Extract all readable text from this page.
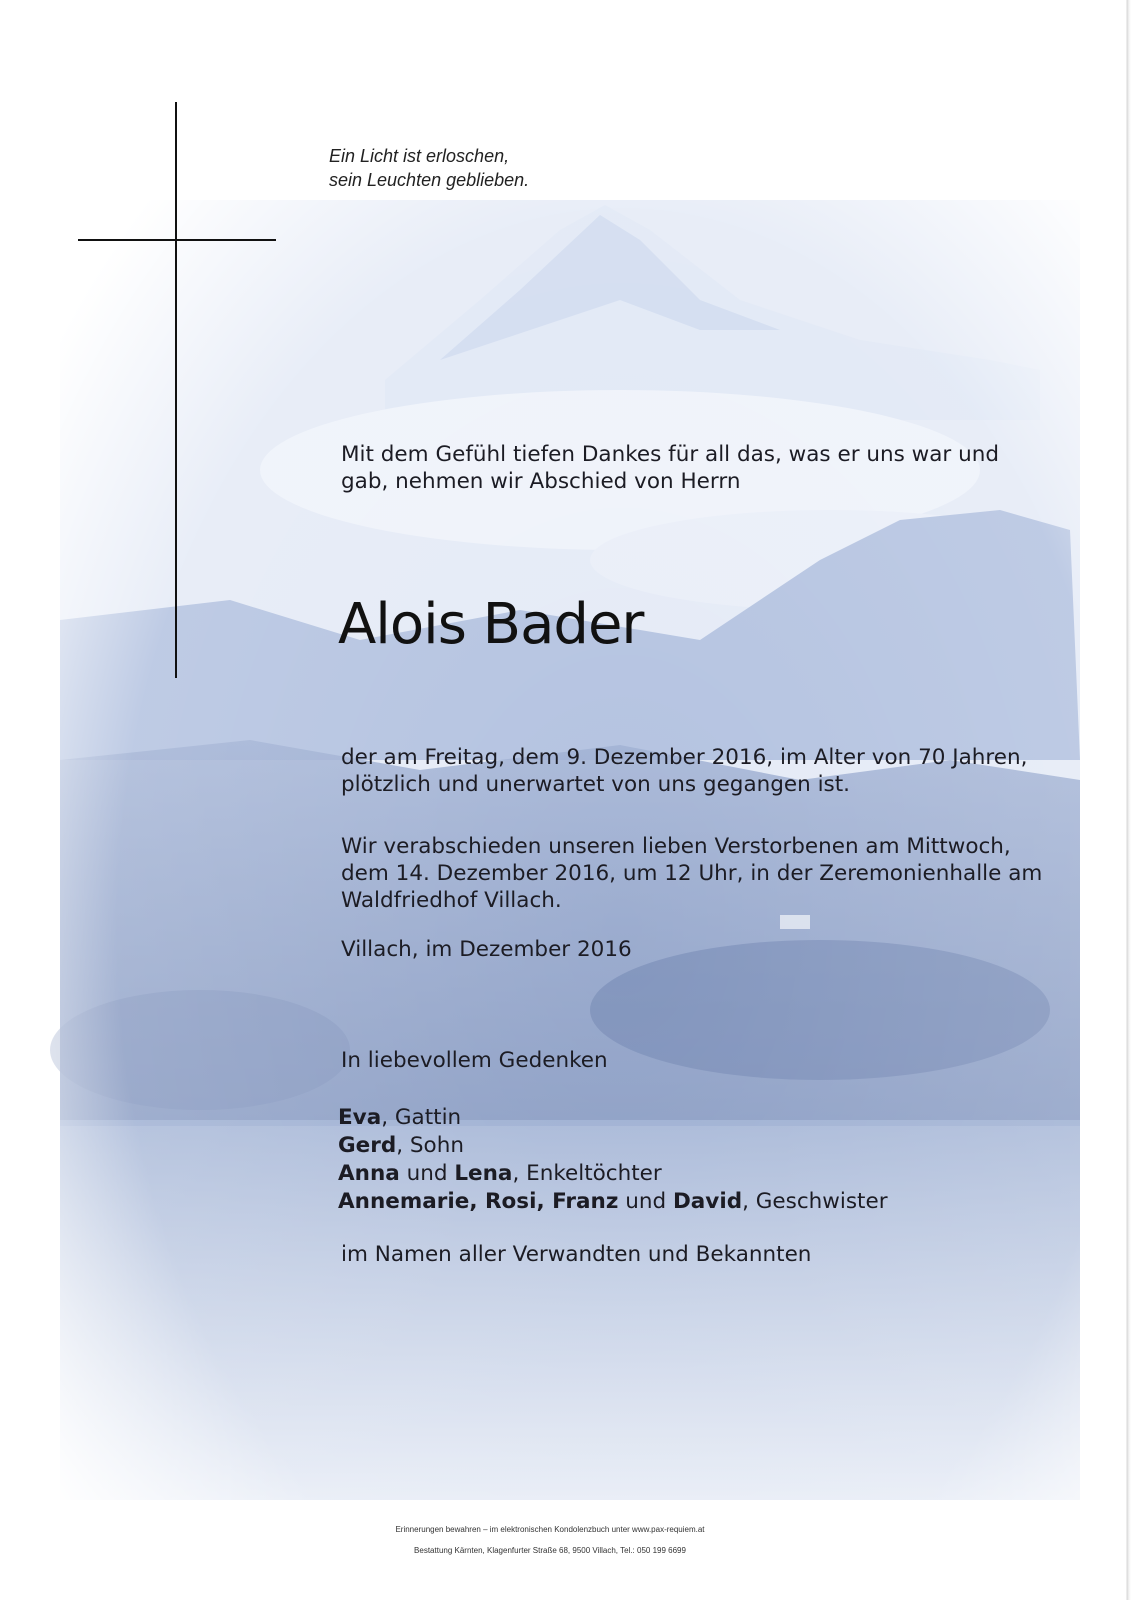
Ein Licht ist erloschen,
sein Leuchten geblieben.
Mit dem Gefühl tiefen Dankes für all das, was er uns war und
gab, nehmen wir Abschied von Herrn
Alois Bader
der am Freitag, dem 9. Dezember 2016, im Alter von 70 Jahren,
plötzlich und unerwartet von uns gegangen ist.
Wir verabschieden unseren lieben Verstorbenen am Mittwoch,
dem 14. Dezember 2016, um 12 Uhr, in der Zeremonienhalle am
Waldfriedhof Villach.
Villach, im Dezember 2016
In liebevollem Gedenken
Eva, Gattin
Gerd, Sohn
Anna und Lena, Enkeltöchter
Annemarie, Rosi, Franz und David, Geschwister
im Namen aller Verwandten und Bekannten
Erinnerungen bewahren – im elektronischen Kondolenzbuch unter www.pax-requiem.at
Bestattung Kärnten, Klagenfurter Straße 68, 9500 Villach, Tel.: 050 199 6699
